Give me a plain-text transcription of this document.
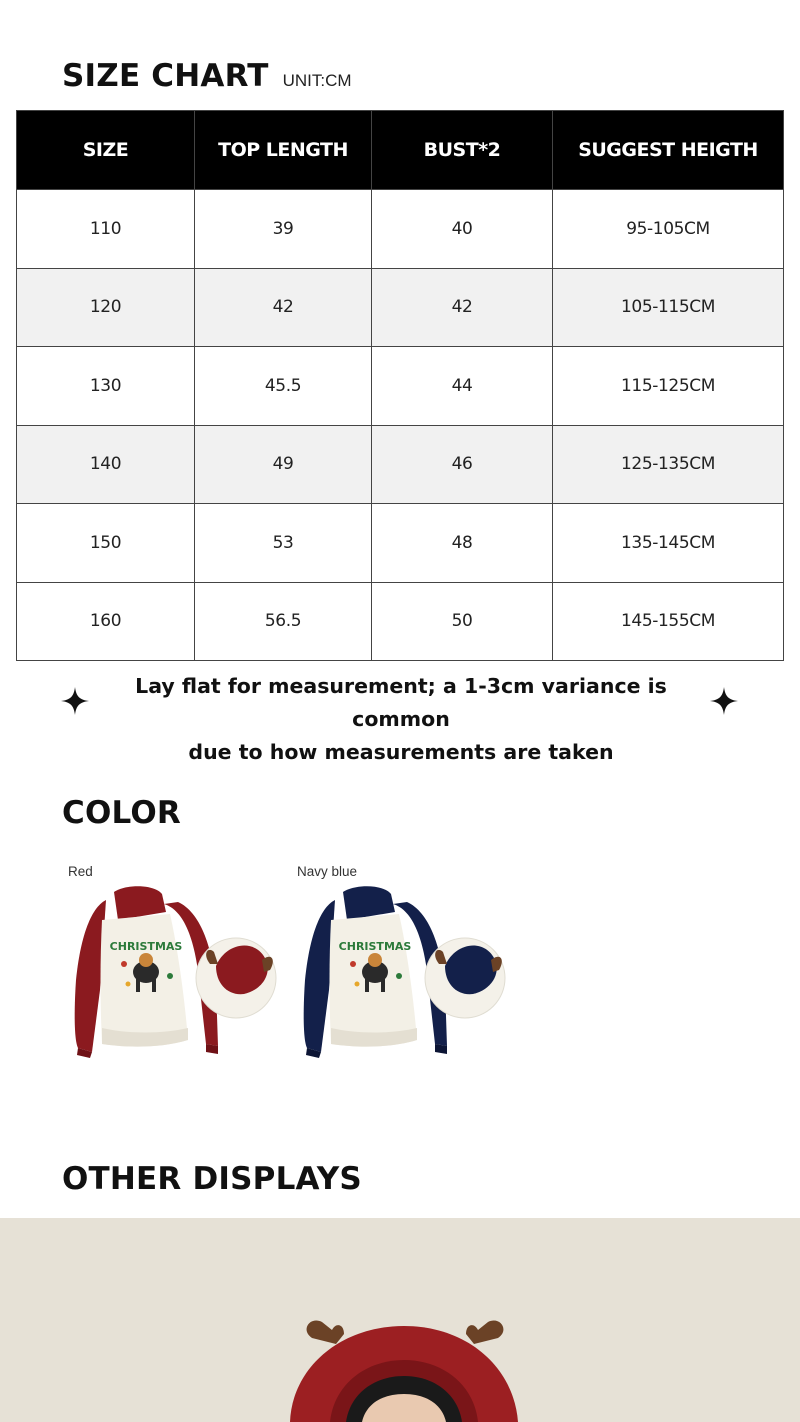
SIZE CHART UNIT:CM
SIZE	TOP LENGTH	BUST*2	SUGGEST HEIGTH
110	39	40	95-105CM
120	42	42	105-115CM
130	45.5	44	115-125CM
140	49	46	125-135CM
150	53	48	135-145CM
160	56.5	50	145-155CM
Lay flat for measurement; a 1-3cm variance is common
due to how measurements are taken
COLOR
Red
CHRISTMAS
Navy blue
CHRISTMAS
OTHER DISPLAYS
